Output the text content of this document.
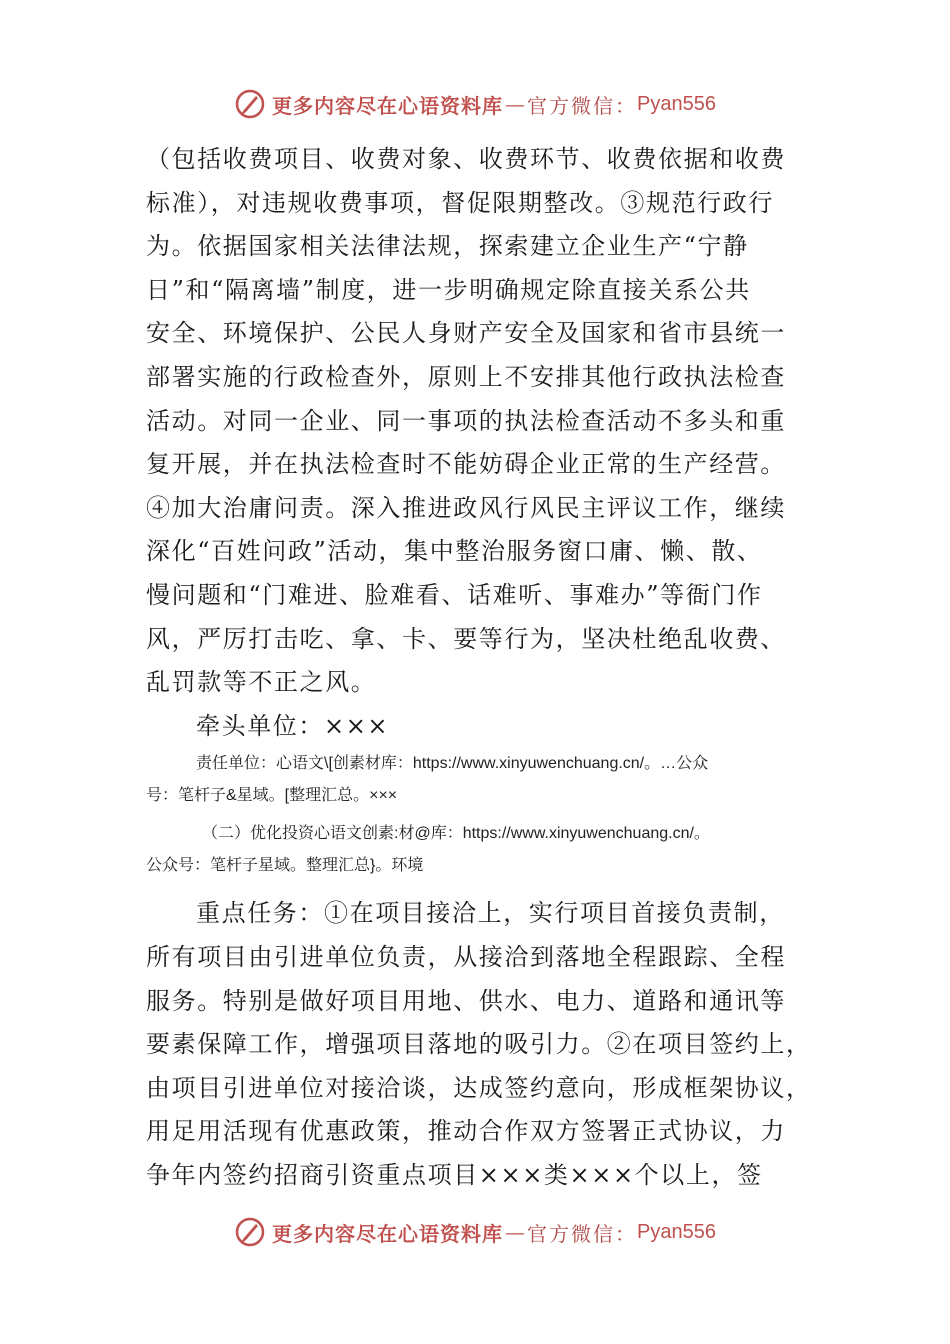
更多内容尽在心语资料库 — 官方微信： Pyan556
（包括收费项目、收费对象、收费环节、收费依据和收费
标准），对违规收费事项，督促限期整改。③规范行政行
为。依据国家相关法律法规，探索建立企业生产“宁静
日”和“隔离墙”制度，进一步明确规定除直接关系公共
安全、环境保护、公民人身财产安全及国家和省市县统一
部署实施的行政检查外，原则上不安排其他行政执法检查
活动。对同一企业、同一事项的执法检查活动不多头和重
复开展，并在执法检查时不能妨碍企业正常的生产经营。
④加大治庸问责。深入推进政风行风民主评议工作，继续
深化“百姓问政”活动，集中整治服务窗口庸、懒、散、
慢问题和“门难进、脸难看、话难听、事难办”等衙门作
风，严厉打击吃、拿、卡、要等行为，坚决杜绝乱收费、
乱罚款等不正之风。
牵头单位：×××
责任单位：心语文\[创素材库：https://www.xinyuwenchuang.cn/。…公众
号：笔杆子&星域。[整理汇总。×××
（二）优化投资心语文创素:材@库：https://www.xinyuwenchuang.cn/。
公众号：笔杆子星域。整理汇总}。环境
重点任务：①在项目接洽上，实行项目首接负责制，
所有项目由引进单位负责，从接洽到落地全程跟踪、全程
服务。特别是做好项目用地、供水、电力、道路和通讯等
要素保障工作，增强项目落地的吸引力。②在项目签约上，
由项目引进单位对接洽谈，达成签约意向，形成框架协议，
用足用活现有优惠政策，推动合作双方签署正式协议，力
争年内签约招商引资重点项目×××类×××个以上，签
更多内容尽在心语资料库 — 官方微信： Pyan556
